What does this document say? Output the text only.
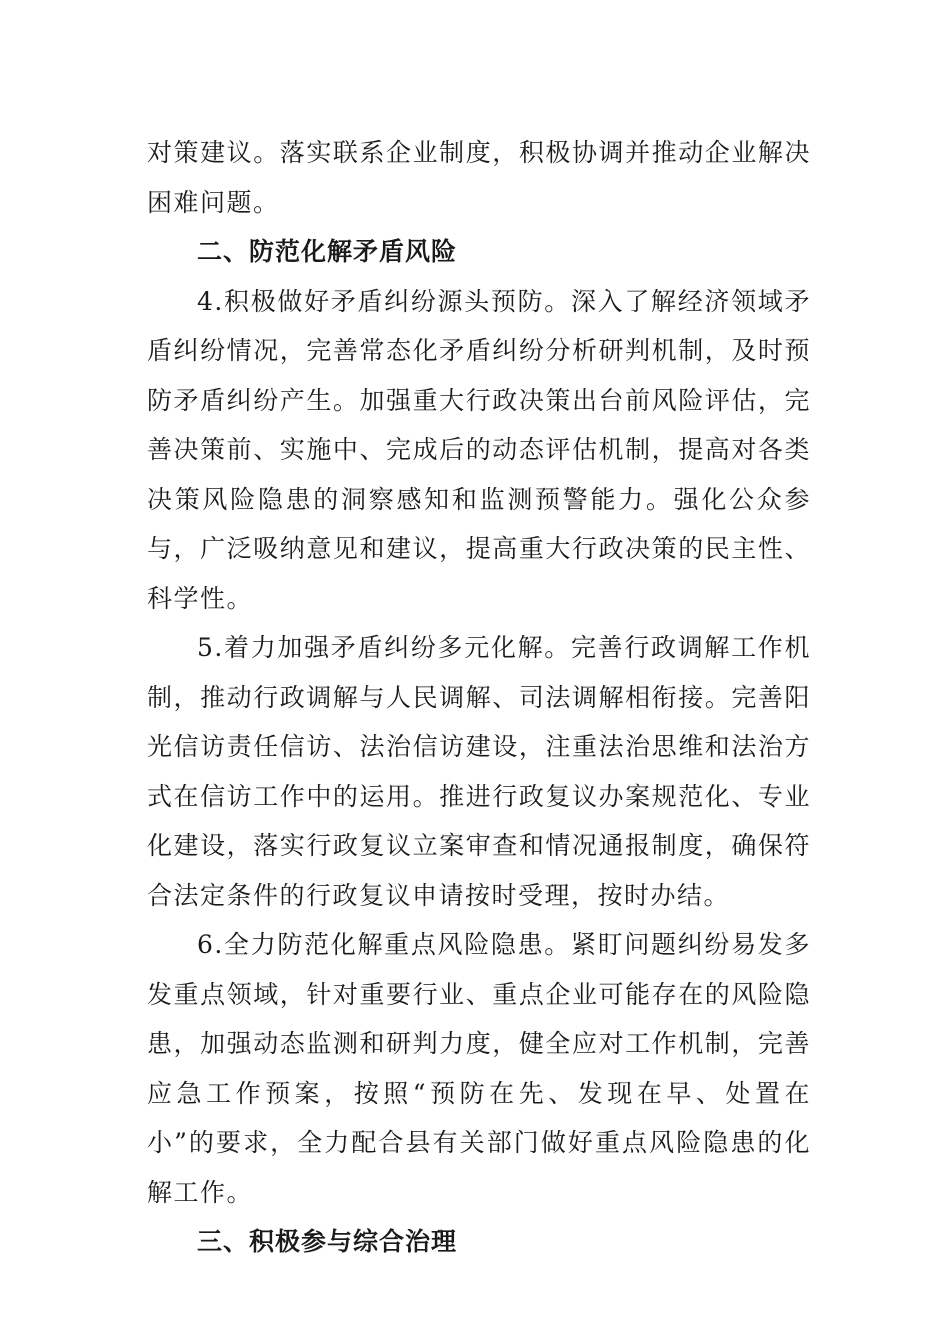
对策建议。落实联系企业制度，积极协调并推动企业解决困难问题。

二、防范化解矛盾风险

4.积极做好矛盾纠纷源头预防。深入了解经济领域矛盾纠纷情况，完善常态化矛盾纠纷分析研判机制，及时预防矛盾纠纷产生。加强重大行政决策出台前风险评估，完善决策前、实施中、完成后的动态评估机制，提高对各类决策风险隐患的洞察感知和监测预警能力。强化公众参与，广泛吸纳意见和建议，提高重大行政决策的民主性、科学性。

5.着力加强矛盾纠纷多元化解。完善行政调解工作机制，推动行政调解与人民调解、司法调解相衔接。完善阳光信访责任信访、法治信访建设，注重法治思维和法治方式在信访工作中的运用。推进行政复议办案规范化、专业化建设，落实行政复议立案审查和情况通报制度，确保符合法定条件的行政复议申请按时受理，按时办结。

6.全力防范化解重点风险隐患。紧盯问题纠纷易发多发重点领域，针对重要行业、重点企业可能存在的风险隐患，加强动态监测和研判力度，健全应对工作机制，完善应急工作预案，按照“预防在先、发现在早、处置在小”的要求，全力配合县有关部门做好重点风险隐患的化解工作。

三、积极参与综合治理
